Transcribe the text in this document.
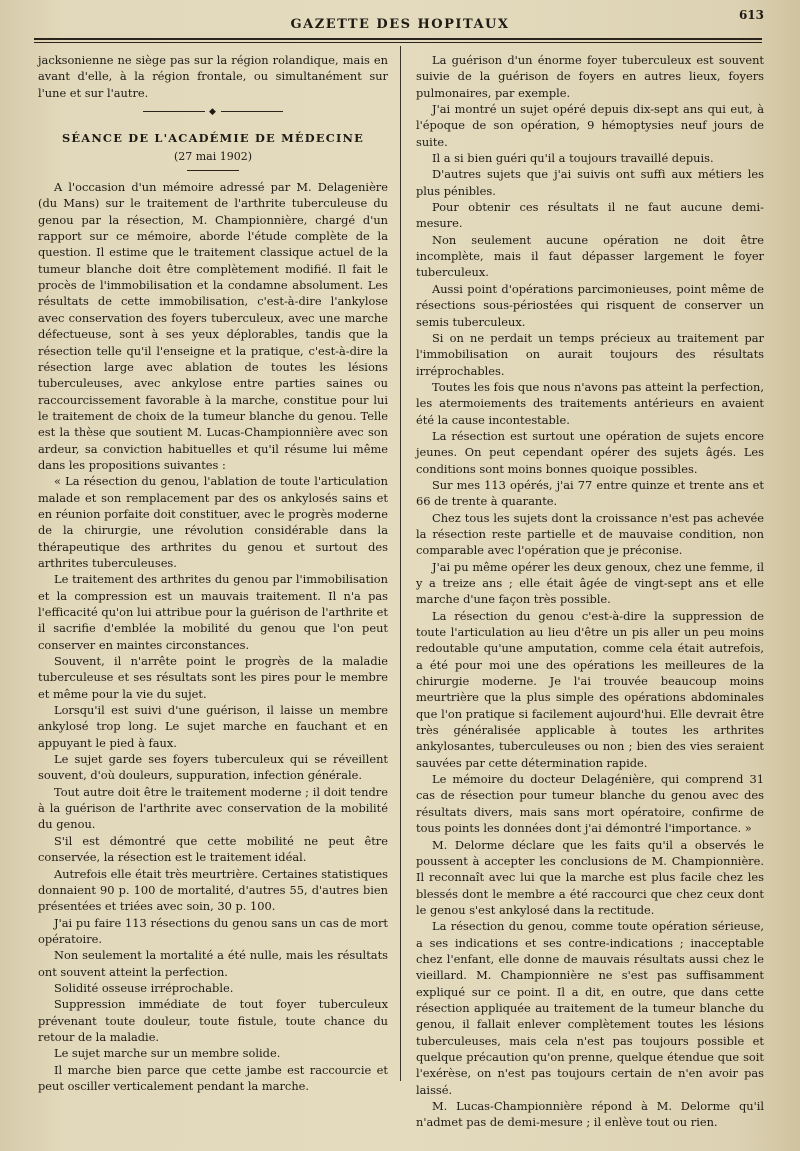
GAZETTE DES HOPITAUX
613

jacksonienne ne siège pas sur la région rolandique, mais en avant d'elle, à la région frontale, ou simultanément sur l'une et sur l'autre.

◆
SÉANCE DE L'ACADÉMIE DE MÉDECINE
(27 mai 1902)

A l'occasion d'un mémoire adressé par M. Delagenière (du Mans) sur le traitement de l'arthrite tuberculeuse du genou par la résection, M. Championnière, chargé d'un rapport sur ce mémoire, aborde l'étude complète de la question. Il estime que le traitement classique actuel de la tumeur blanche doit être complètement modifié. Il fait le procès de l'immobilisation et la condamne absolument. Les résultats de cette immobilisation, c'est-à-dire l'ankylose avec conservation des foyers tuberculeux, avec une marche défectueuse, sont à ses yeux déplorables, tandis que la résection telle qu'il l'enseigne et la pratique, c'est-à-dire la résection large avec ablation de toutes les lésions tuberculeuses, avec ankylose entre parties saines ou raccourcissement favorable à la marche, constitue pour lui le traitement de choix de la tumeur blanche du genou. Telle est la thèse que soutient M. Lucas-Championnière avec son ardeur, sa conviction habituelles et qu'il résume lui même dans les propositions suivantes :

« La résection du genou, l'ablation de toute l'articulation malade et son remplacement par des os ankylosés sains et en réunion porfaite doit constituer, avec le progrès moderne de la chirurgie, une révolution considérable dans la thérapeutique des arthrites du genou et surtout des arthrites tuberculeuses.

Le traitement des arthrites du genou par l'immobilisation et la compression est un mauvais traitement. Il n'a pas l'efficacité qu'on lui attribue pour la guérison de l'arthrite et il sacrifie d'emblée la mobilité du genou que l'on peut conserver en maintes circonstances.

Souvent, il n'arrête point le progrès de la maladie tuberculeuse et ses résultats sont les pires pour le membre et même pour la vie du sujet.

Lorsqu'il est suivi d'une guérison, il laisse un membre ankylosé trop long. Le sujet marche en fauchant et en appuyant le pied à faux.

Le sujet garde ses foyers tuberculeux qui se réveillent souvent, d'où douleurs, suppuration, infection générale.

Tout autre doit être le traitement moderne ; il doit tendre à la guérison de l'arthrite avec conservation de la mobilité du genou.

S'il est démontré que cette mobilité ne peut être conservée, la résection est le traitement idéal.

Autrefois elle était très meurtrière. Certaines statistiques donnaient 90 p. 100 de mortalité, d'autres 55, d'autres bien présentées et triées avec soin, 30 p. 100.

J'ai pu faire 113 résections du genou sans un cas de mort opératoire.

Non seulement la mortalité a été nulle, mais les résultats ont souvent atteint la perfection.

Solidité osseuse irréprochable.

Suppression immédiate de tout foyer tuberculeux prévenant toute douleur, toute fistule, toute chance du retour de la maladie.

Le sujet marche sur un membre solide.

Il marche bien parce que cette jambe est raccourcie et peut osciller verticalement pendant la marche.

La guérison d'un énorme foyer tuberculeux est souvent suivie de la guérison de foyers en autres lieux, foyers pulmonaires, par exemple.

J'ai montré un sujet opéré depuis dix-sept ans qui eut, à l'époque de son opération, 9 hémoptysies neuf jours de suite.

Il a si bien guéri qu'il a toujours travaillé depuis.

D'autres sujets que j'ai suivis ont suffi aux métiers les plus pénibles.

Pour obtenir ces résultats il ne faut aucune demi-mesure.

Non seulement aucune opération ne doit être incomplète, mais il faut dépasser largement le foyer tuberculeux.

Aussi point d'opérations parcimonieuses, point même de résections sous-périostées qui risquent de conserver un semis tuberculeux.

Si on ne perdait un temps précieux au traitement par l'immobilisation on aurait toujours des résultats irréprochables.

Toutes les fois que nous n'avons pas atteint la perfection, les atermoiements des traitements antérieurs en avaient été la cause incontestable.

La résection est surtout une opération de sujets encore jeunes. On peut cependant opérer des sujets âgés. Les conditions sont moins bonnes quoique possibles.

Sur mes 113 opérés, j'ai 77 entre quinze et trente ans et 66 de trente à quarante.

Chez tous les sujets dont la croissance n'est pas achevée la résection reste partielle et de mauvaise condition, non comparable avec l'opération que je préconise.

J'ai pu même opérer les deux genoux, chez une femme, il y a treize ans ; elle était âgée de vingt-sept ans et elle marche d'une façon très possible.

La résection du genou c'est-à-dire la suppression de toute l'articulation au lieu d'être un pis aller un peu moins redoutable qu'une amputation, comme cela était autrefois, a été pour moi une des opérations les meilleures de la chirurgie moderne. Je l'ai trouvée beaucoup moins meurtrière que la plus simple des opérations abdominales que l'on pratique si facilement aujourd'hui. Elle devrait être très généralisée applicable à toutes les arthrites ankylosantes, tuberculeuses ou non ; bien des vies seraient sauvées par cette détermination rapide.

Le mémoire du docteur Delagénière, qui comprend 31 cas de résection pour tumeur blanche du genou avec des résultats divers, mais sans mort opératoire, confirme de tous points les données dont j'ai démontré l'importance. »

M. Delorme déclare que les faits qu'il a observés le poussent à accepter les conclusions de M. Championnière. Il reconnaît avec lui que la marche est plus facile chez les blessés dont le membre a été raccourci que chez ceux dont le genou s'est ankylosé dans la rectitude.

La résection du genou, comme toute opération sérieuse, a ses indications et ses contre-indications ; inacceptable chez l'enfant, elle donne de mauvais résultats aussi chez le vieillard. M. Championnière ne s'est pas suffisamment expliqué sur ce point. Il a dit, en outre, que dans cette résection appliquée au traitement de la tumeur blanche du genou, il fallait enlever complètement toutes les lésions tuberculeuses, mais cela n'est pas toujours possible et quelque précaution qu'on prenne, quelque étendue que soit l'exérèse, on n'est pas toujours certain de n'en avoir pas laissé.

M. Lucas-Championnière répond à M. Delorme qu'il n'admet pas de demi-mesure ; il enlève tout ou rien.
